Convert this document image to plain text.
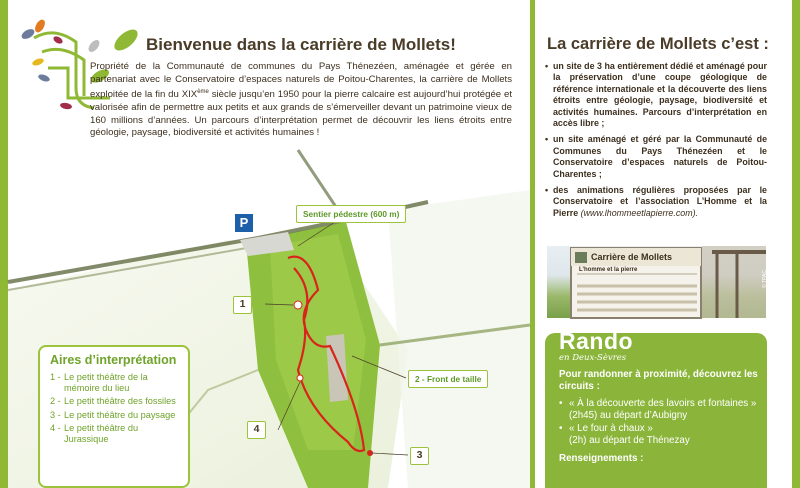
Bienvenue dans la carrière de Mollets!

Propriété de la Communauté de communes du Pays Thénezéen, aménagée et gérée en partenariat avec le Conservatoire d’espaces naturels de Poitou-Charentes, la carrière de Mollets exploitée de la fin du XIXème siècle jusqu’en 1950 pour la pierre calcaire est aujourd’hui protégée et valorisée afin de permettre aux petits et aux grands de s’émerveiller devant un patrimoine vieux de 160 millions d’années. Un parcours d’interprétation permet de découvrir les liens étroits entre géologie, paysage, biodiversité et activités humaines !

P
Sentier pédestre (600 m)
2 - Front de taille
1
4
3
Aires d’interprétation
1 - Le petit théâtre de la mémoire du lieu
2 - Le petit théâtre des fossiles
3 - Le petit théâtre du paysage
4 - Le petit théâtre du Jurassique
La carrière de Mollets c’est :
• un site de 3 ha entièrement dédié et aménagé pour la préservation d’une coupe géologique de référence internationale et la découverte des liens étroits entre géologie, paysage, biodiversité et activités humaines. Parcours d’interprétation en accès libre ;
• un site aménagé et géré par la Communauté de Communes du Pays Thénezéen et le Conservatoire d’espaces naturels de Poitou-Charentes ;
• des animations régulières proposées par le Conservatoire et l’association L’Homme et la Pierre (www.lhommeetlapierre.com).
Carrière de Mollets
L’homme et la pierre
© TPAC
Rando
en Deux-Sèvres
Pour randonner à proximité, découvrez les circuits :
• « À la découverte des lavoirs et fontaines »
(2h45) au départ d’Aubigny
• « Le four à chaux »
(2h) au départ de Thénezay
Renseignements :
